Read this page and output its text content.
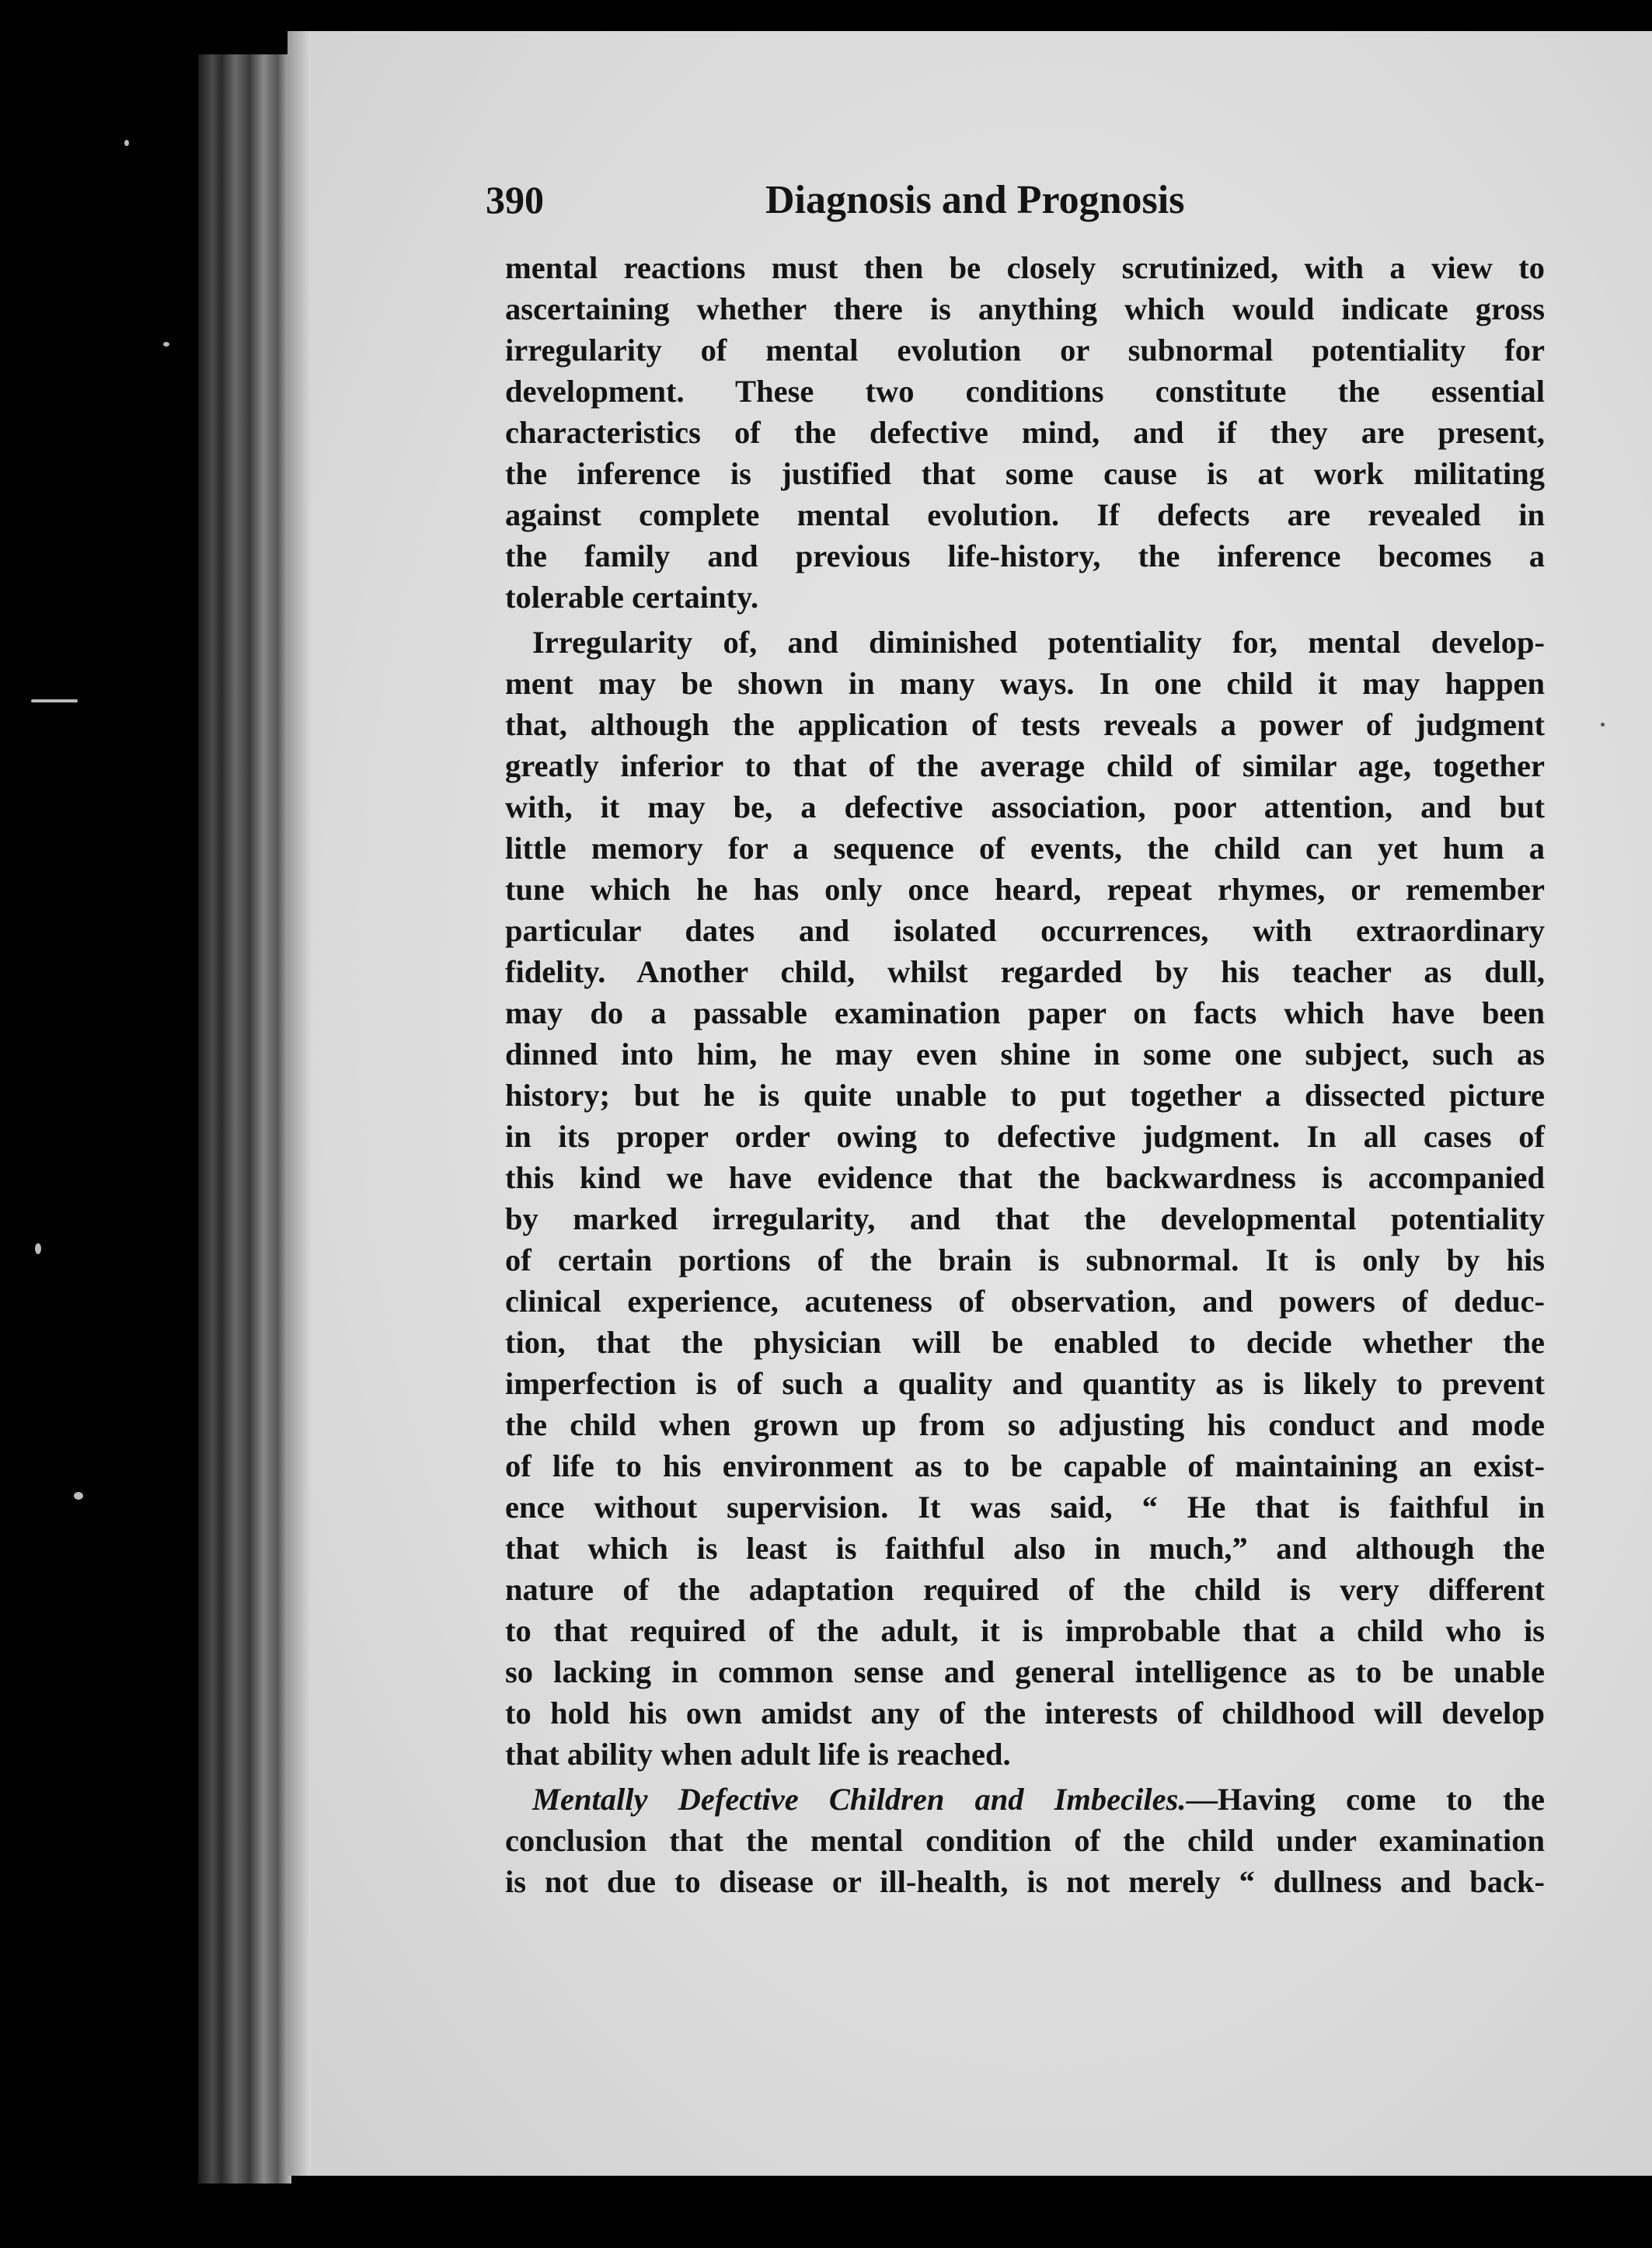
390	Diagnosis and Prognosis

mental reactions must then be closely scrutinized, with a view to
ascertaining whether there is anything which would indicate gross
irregularity of mental evolution or subnormal potentiality for
development. These two conditions constitute the essential
characteristics of the defective mind, and if they are present,
the inference is justified that some cause is at work militating
against complete mental evolution. If defects are revealed in
the family and previous life-history, the inference becomes a
tolerable certainty.

Irregularity of, and diminished potentiality for, mental develop-
ment may be shown in many ways. In one child it may happen
that, although the application of tests reveals a power of judgment
greatly inferior to that of the average child of similar age, together
with, it may be, a defective association, poor attention, and but
little memory for a sequence of events, the child can yet hum a
tune which he has only once heard, repeat rhymes, or remember
particular dates and isolated occurrences, with extraordinary
fidelity. Another child, whilst regarded by his teacher as dull,
may do a passable examination paper on facts which have been
dinned into him, he may even shine in some one subject, such as
history; but he is quite unable to put together a dissected picture
in its proper order owing to defective judgment. In all cases of
this kind we have evidence that the backwardness is accompanied
by marked irregularity, and that the developmental potentiality
of certain portions of the brain is subnormal. It is only by his
clinical experience, acuteness of observation, and powers of deduc-
tion, that the physician will be enabled to decide whether the
imperfection is of such a quality and quantity as is likely to prevent
the child when grown up from so adjusting his conduct and mode
of life to his environment as to be capable of maintaining an exist-
ence without supervision. It was said, “ He that is faithful in
that which is least is faithful also in much,” and although the
nature of the adaptation required of the child is very different
to that required of the adult, it is improbable that a child who is
so lacking in common sense and general intelligence as to be unable
to hold his own amidst any of the interests of childhood will develop
that ability when adult life is reached.

Mentally Defective Children and Imbeciles.—Having come to the
conclusion that the mental condition of the child under examination
is not due to disease or ill-health, is not merely “ dullness and back-
